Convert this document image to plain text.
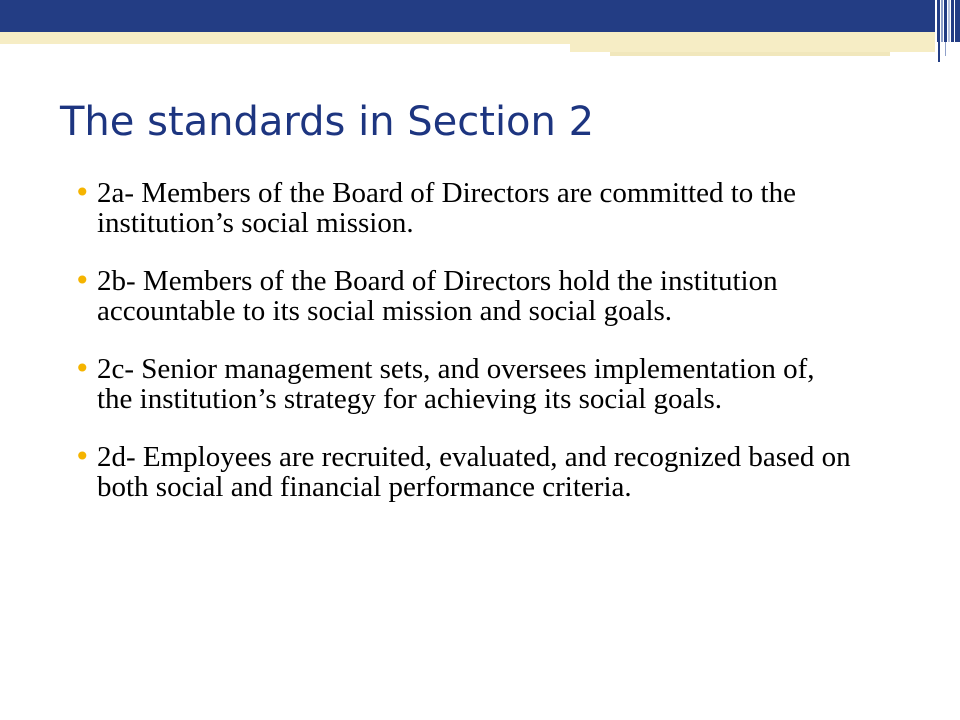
The standards in Section 2
• 2a- Members of the Board of Directors are committed to the institution’s social mission.
• 2b- Members of the Board of Directors hold the institution accountable to its social mission and social goals.
• 2c- Senior management sets, and oversees implementation of, the institution’s strategy for achieving its social goals.
• 2d- Employees are recruited, evaluated, and recognized based on both social and financial performance criteria.
